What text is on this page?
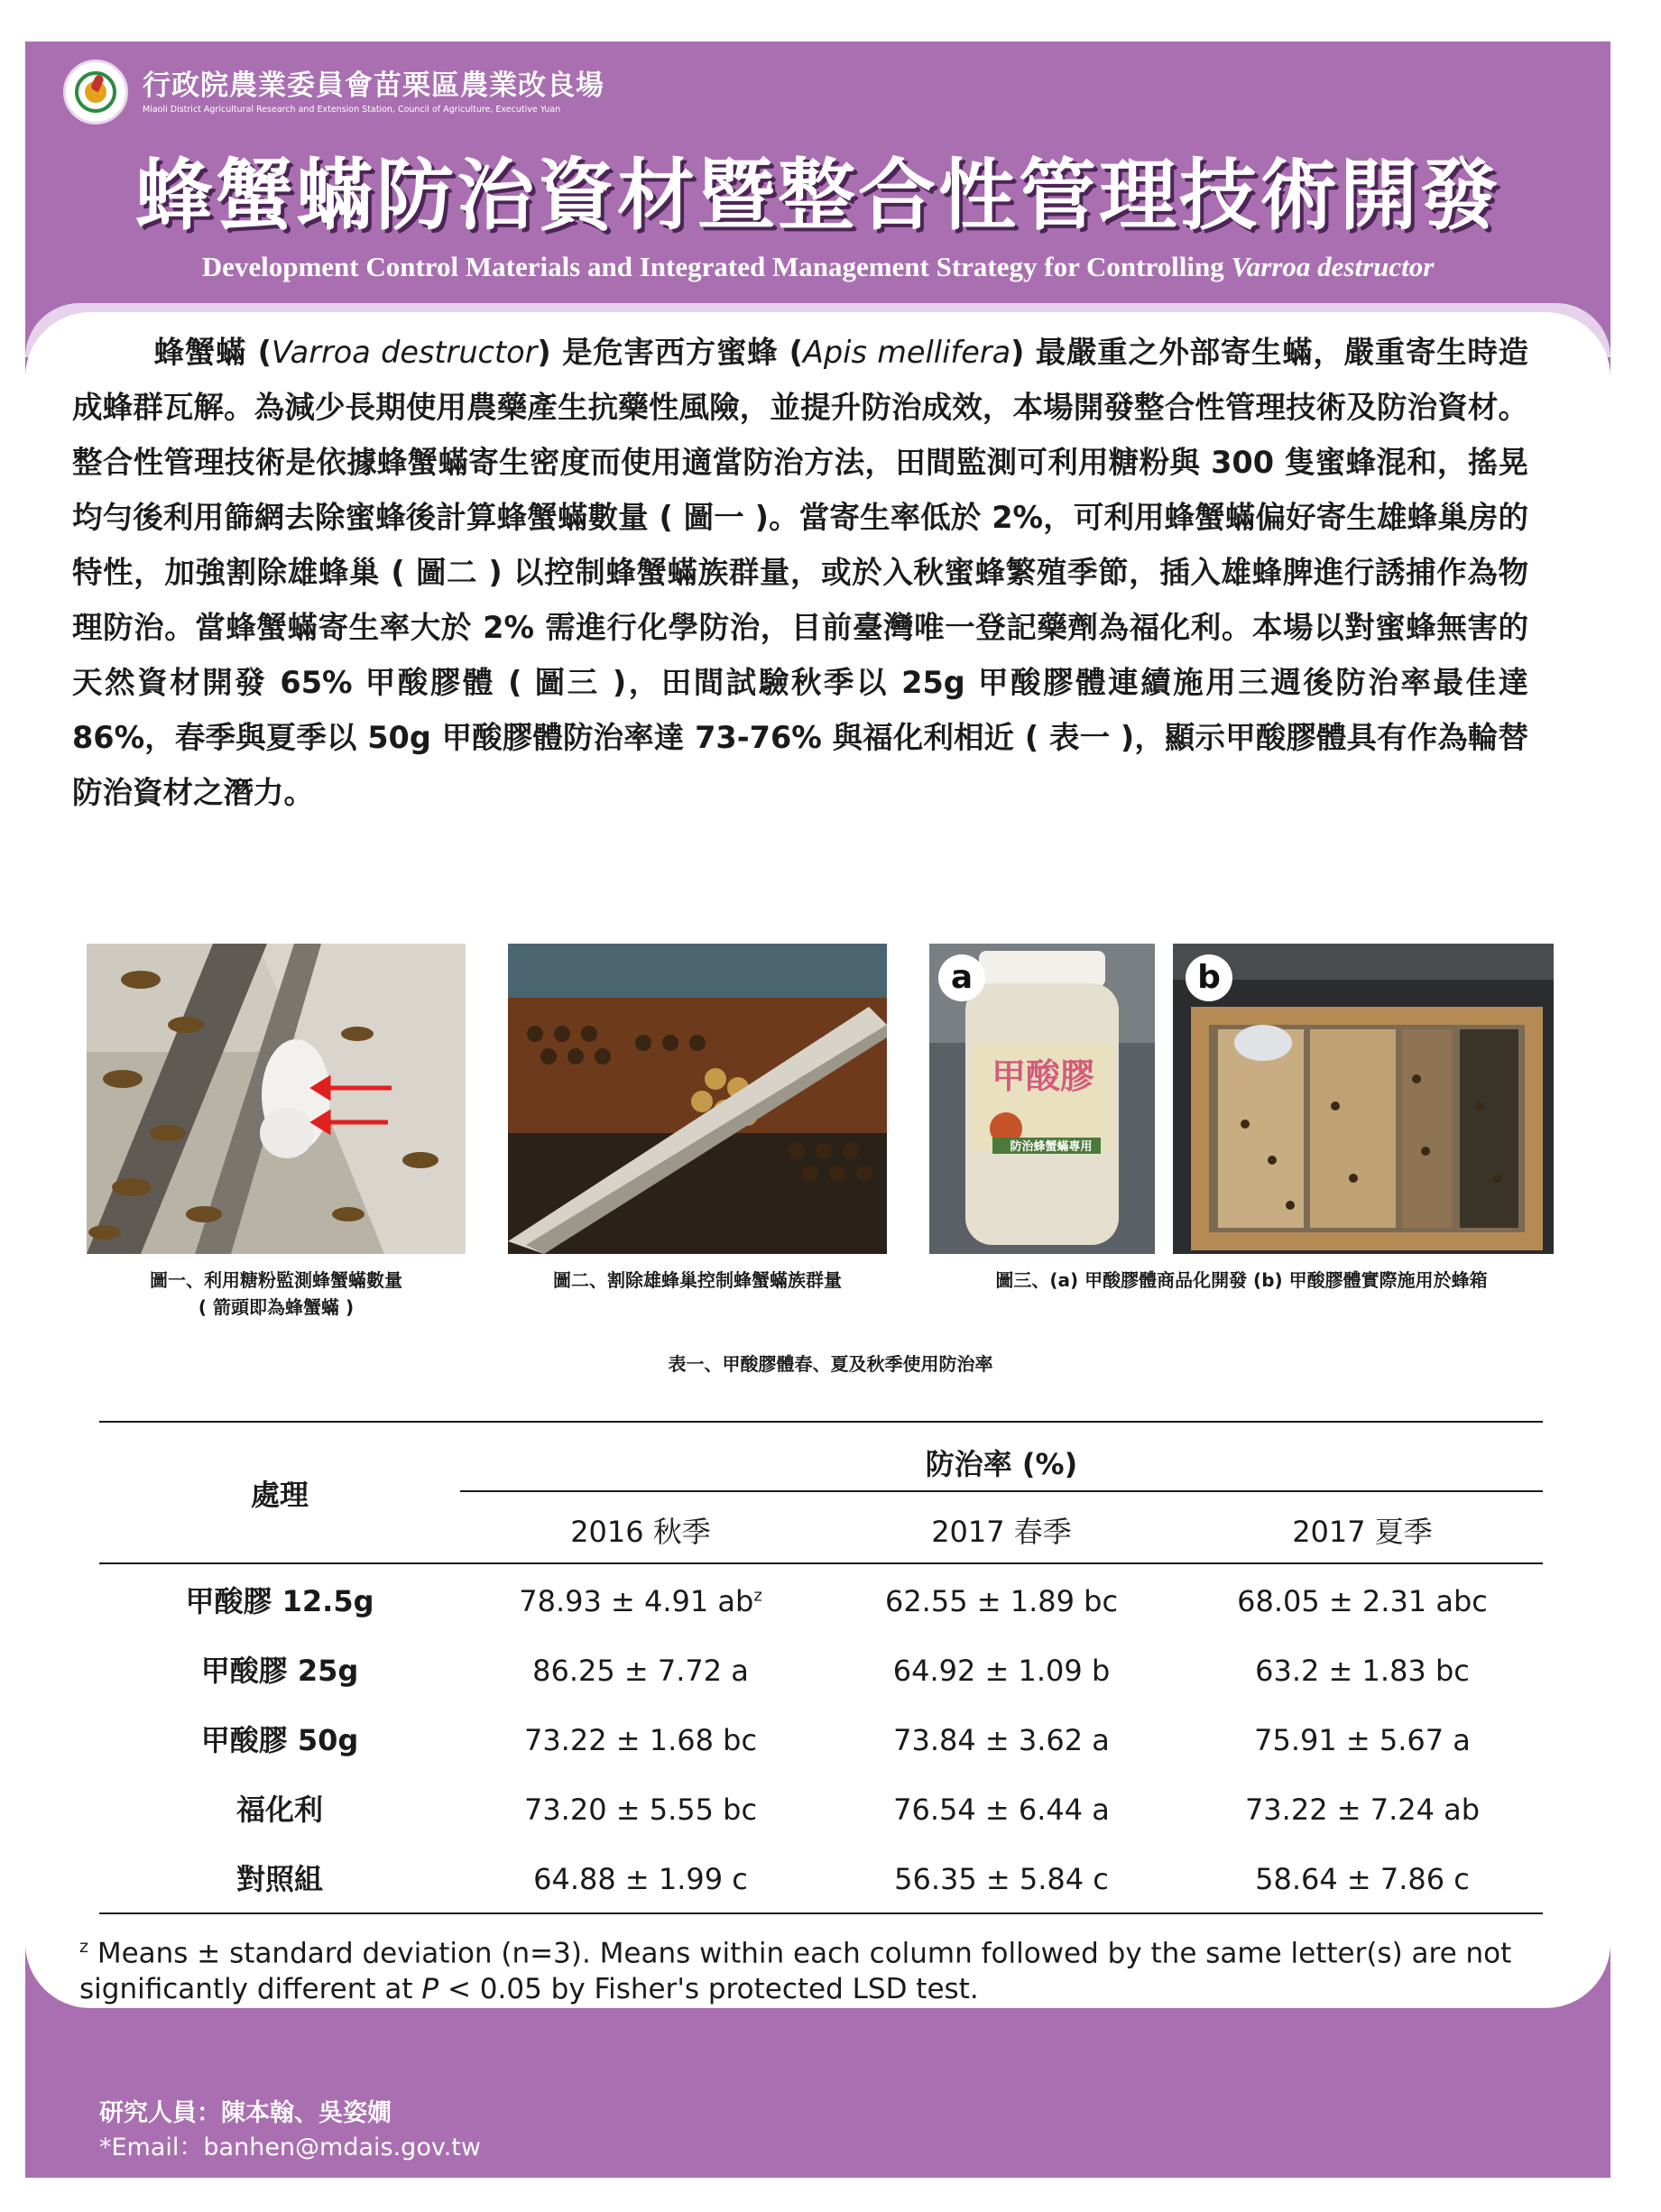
行政院農業委員會苗栗區農業改良場
Miaoli District Agricultural Research and Extension Station, Council of Agriculture, Executive Yuan
蜂蟹蟎防治資材暨整合性管理技術開發
Development Control Materials and Integrated Management Strategy for Controlling Varroa destructor
研究人員：陳本翰、吳姿嫺
*Email：banhen@mdais.gov.tw

蜂蟹蟎 (Varroa destructor) 是危害西方蜜蜂 (Apis mellifera) 最嚴重之外部寄生蟎，嚴重寄生時造成蜂群瓦解。為減少長期使用農藥產生抗藥性風險，並提升防治成效，本場開發整合性管理技術及防治資材。整合性管理技術是依據蜂蟹蟎寄生密度而使用適當防治方法，田間監測可利用糖粉與 300 隻蜜蜂混和，搖晃均勻後利用篩網去除蜜蜂後計算蜂蟹蟎數量 ( 圖一 )。當寄生率低於 2%，可利用蜂蟹蟎偏好寄生雄蜂巢房的特性，加強割除雄蜂巢 ( 圖二 ) 以控制蜂蟹蟎族群量，或於入秋蜜蜂繁殖季節，插入雄蜂脾進行誘捕作為物理防治。當蜂蟹蟎寄生率大於 2% 需進行化學防治，目前臺灣唯一登記藥劑為福化利。本場以對蜜蜂無害的天然資材開發 65% 甲酸膠體 ( 圖三 )，田間試驗秋季以 25g 甲酸膠體連續施用三週後防治率最佳達 86%，春季與夏季以 50g 甲酸膠體防治率達 73-76% 與福化利相近 ( 表一 )，顯示甲酸膠體具有作為輪替防治資材之潛力。

圖一、利用糖粉監測蜂蟹蟎數量
( 箭頭即為蜂蟹蟎 )
圖二、割除雄蜂巢控制蜂蟹蟎族群量
甲酸膠
防治蜂蟹蟎專用
a	b
圖三、(a) 甲酸膠體商品化開發 (b) 甲酸膠體實際施用於蜂箱
表一、甲酸膠體春、夏及秋季使用防治率
處理
防治率 (%)
2016 秋季	2017 春季	2017 夏季
甲酸膠 12.5g	78.93 ± 4.91 $ab^z$	62.55 ± 1.89 bc	68.05 ± 2.31 abc
甲酸膠 25g	86.25 ± 7.72 a	64.92 ± 1.09 b	63.2 ± 1.83 bc
甲酸膠 50g	73.22 ± 1.68 bc	73.84 ± 3.62 a	75.91 ± 5.67 a
福化利	73.20 ± 5.55 bc	76.54 ± 6.44 a	73.22 ± 7.24 ab
對照組	64.88 ± 1.99 c	56.35 ± 5.84 c	58.64 ± 7.86 c
$^z$ Means ± standard deviation (n=3). Means within each column followed by the same letter(s) are not significantly different at P < 0.05 by Fisher's protected LSD test.
